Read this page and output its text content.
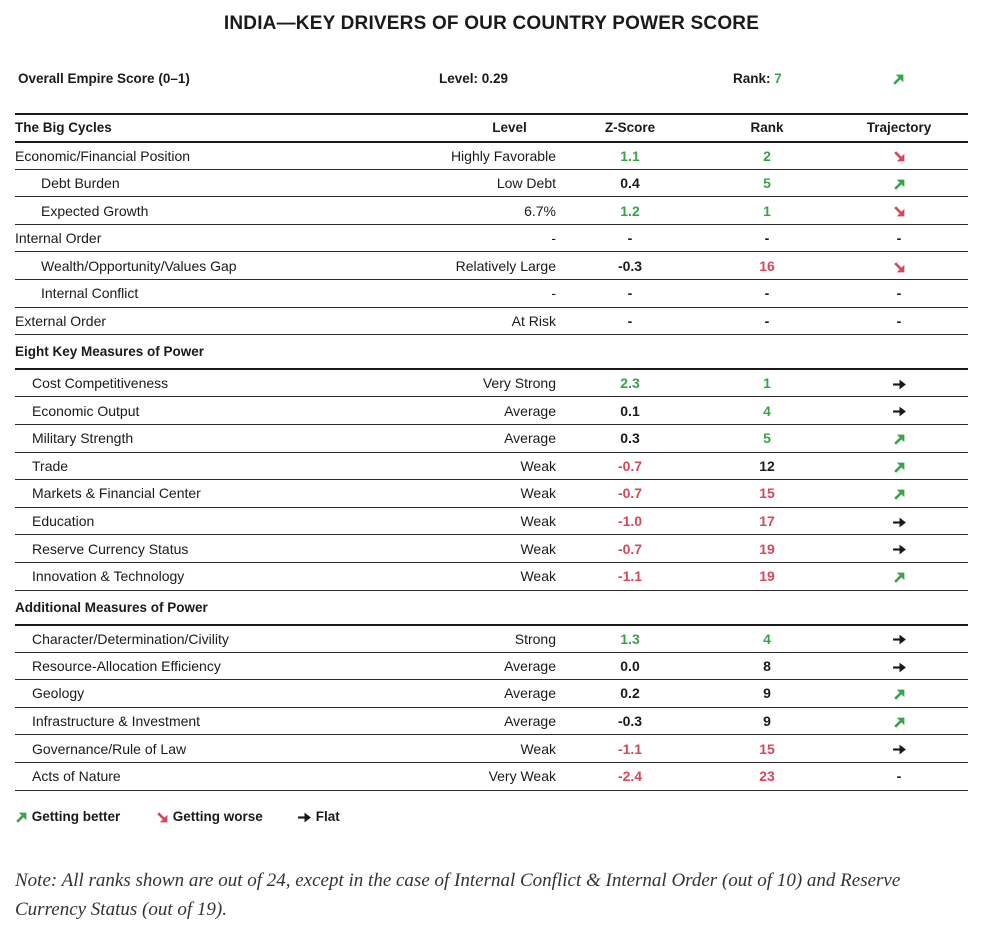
INDIA—KEY DRIVERS OF OUR COUNTRY POWER SCORE
Overall Empire Score (0–1)	Level: 0.29	Rank: 7
The Big Cycles	Level	Z-Score	Rank	Trajectory
Economic/Financial Position	Highly Favorable	1.1	2	
Debt Burden	Low Debt	0.4	5	
Expected Growth	6.7%	1.2	1	
Internal Order	-	-	-	-
Wealth/Opportunity/Values Gap	Relatively Large	-0.3	16	
Internal Conflict	-	-	-	-
External Order	At Risk	-	-	-
Eight Key Measures of Power				
Cost Competitiveness	Very Strong	2.3	1	
Economic Output	Average	0.1	4	
Military Strength	Average	0.3	5	
Trade	Weak	-0.7	12	
Markets & Financial Center	Weak	-0.7	15	
Education	Weak	-1.0	17	
Reserve Currency Status	Weak	-0.7	19	
Innovation & Technology	Weak	-1.1	19	
Additional Measures of Power				
Character/Determination/Civility	Strong	1.3	4	
Resource-Allocation Efficiency	Average	0.0	8	
Geology	Average	0.2	9	
Infrastructure & Investment	Average	-0.3	9	
Governance/Rule of Law	Weak	-1.1	15	
Acts of Nature	Very Weak	-2.4	23	-
Getting better	Getting worse	Flat
Note: All ranks shown are out of 24, except in the case of Internal Conflict & Internal Order (out of 10) and Reserve Currency Status (out of 19).
